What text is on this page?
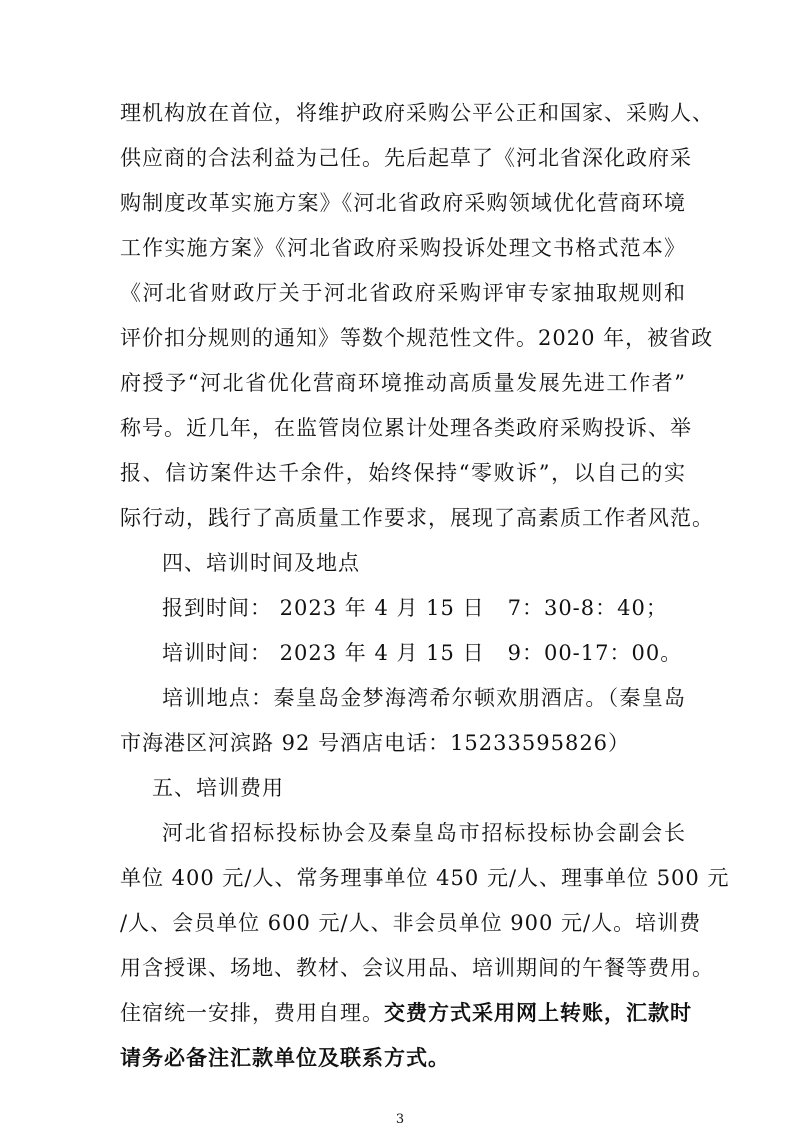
理机构放在首位，将维护政府采购公平公正和国家、采购人、
供应商的合法利益为己任。先后起草了《河北省深化政府采
购制度改革实施方案》《河北省政府采购领域优化营商环境
工作实施方案》《河北省政府采购投诉处理文书格式范本》
《河北省财政厅关于河北省政府采购评审专家抽取规则和
评价扣分规则的通知》等数个规范性文件。2020 年，被省政
府授予“河北省优化营商环境推动高质量发展先进工作者”
称号。近几年，在监管岗位累计处理各类政府采购投诉、举
报、信访案件达千余件，始终保持“零败诉”，以自己的实
际行动，践行了高质量工作要求，展现了高素质工作者风范。
四、培训时间及地点
报到时间： 2023 年 4 月 15 日   7：30-8：40；
培训时间： 2023 年 4 月 15 日   9：00-17：00。
培训地点：秦皇岛金梦海湾希尔顿欢朋酒店。（秦皇岛
市海港区河滨路 92 号酒店电话：15233595826）
五、培训费用
河北省招标投标协会及秦皇岛市招标投标协会副会长
单位 400 元/人、常务理事单位 450 元/人、理事单位 500 元
/人、会员单位 600 元/人、非会员单位 900 元/人。培训费
用含授课、场地、教材、会议用品、培训期间的午餐等费用。
住宿统一安排，费用自理。交费方式采用网上转账，汇款时
请务必备注汇款单位及联系方式。
3
